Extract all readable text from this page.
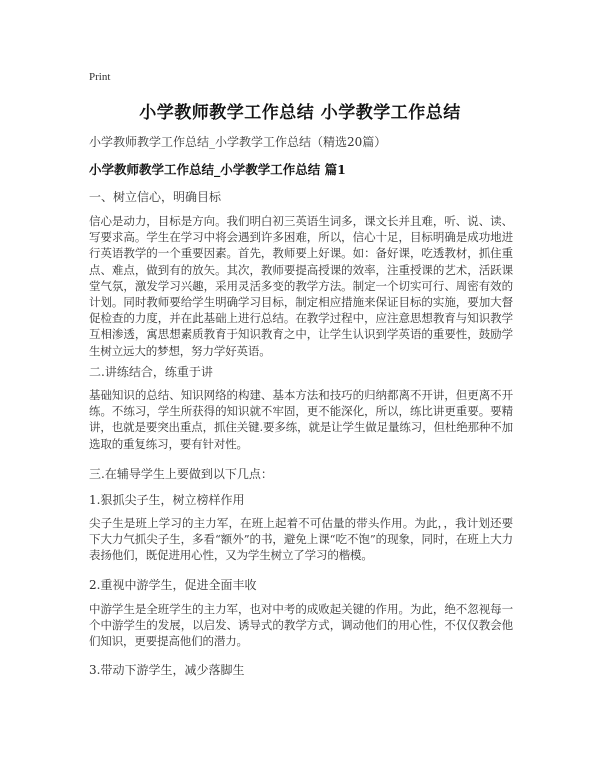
Print
小学教师教学工作总结 小学教学工作总结
小学教师教学工作总结_小学教学工作总结（精选20篇）
小学教师教学工作总结_小学教学工作总结 篇1
一、树立信心，明确目标

信心是动力，目标是方向。我们明白初三英语生词多，课文长并且难，听、说、读、写要求高。学生在学习中将会遇到许多困难，所以，信心十足，目标明确是成功地进行英语教学的一个重要因素。首先，教师要上好课。如：备好课，吃透教材，抓住重点、难点，做到有的放矢。其次，教师要提高授课的效率，注重授课的艺术，活跃课堂气氛，激发学习兴趣，采用灵活多变的教学方法。制定一个切实可行、周密有效的计划。同时教师要给学生明确学习目标，制定相应措施来保证目标的实施，要加大督促检查的力度，并在此基础上进行总结。在教学过程中，应注意思想教育与知识教学互相渗透，寓思想素质教育于知识教育之中，让学生认识到学英语的重要性，鼓励学生树立远大的梦想，努力学好英语。

二.讲练结合，练重于讲

基础知识的总结、知识网络的构建、基本方法和技巧的归纳都离不开讲，但更离不开练。不练习，学生所获得的知识就不牢固，更不能深化，所以，练比讲更重要。要精讲，也就是要突出重点，抓住关键.要多练，就是让学生做足量练习，但杜绝那种不加选取的重复练习，要有针对性。

三.在辅导学生上要做到以下几点：
1.狠抓尖子生，树立榜样作用

尖子生是班上学习的主力军，在班上起着不可估量的带头作用。为此，，我计划还要下大力气抓尖子生，多看“额外”的书，避免上课“吃不饱”的现象，同时，在班上大力表扬他们，既促进用心性，又为学生树立了学习的楷模。

2.重视中游学生，促进全面丰收

中游学生是全班学生的主力军，也对中考的成败起关键的作用。为此，绝不忽视每一个中游学生的发展，以启发、诱导式的教学方式，调动他们的用心性，不仅仅教会他们知识，更要提高他们的潜力。

3.带动下游学生，减少落脚生
